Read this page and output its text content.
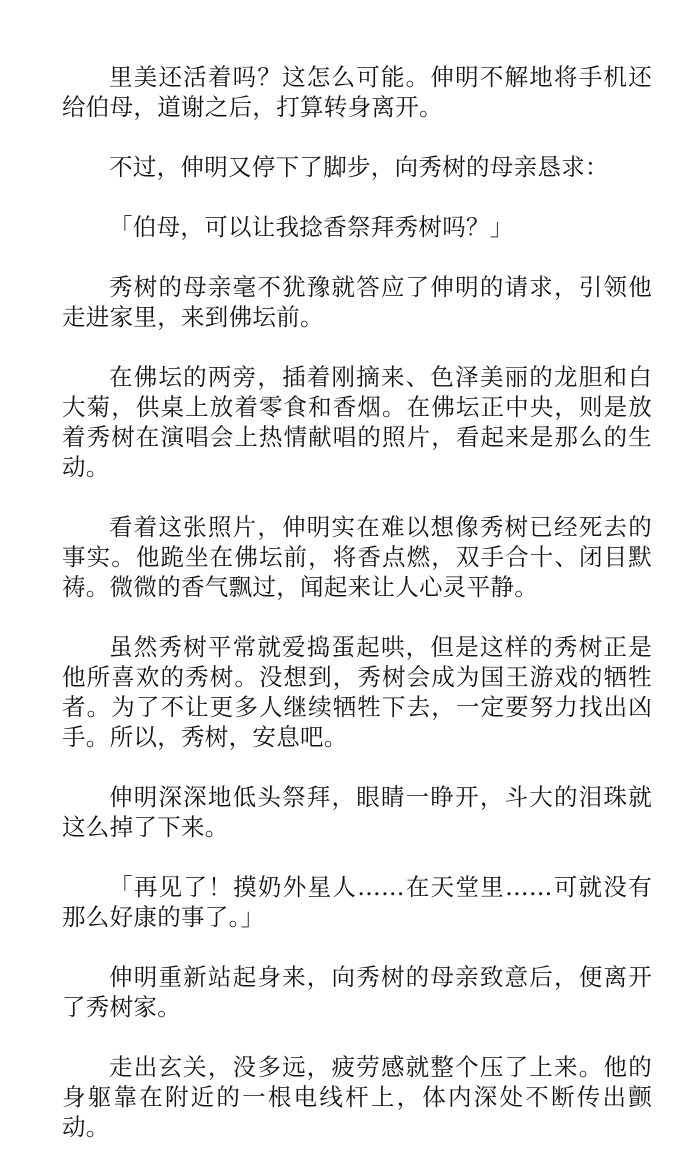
里美还活着吗？这怎么可能。伸明不解地将手机还给伯母，道谢之后，打算转身离开。

不过，伸明又停下了脚步，向秀树的母亲恳求：

「伯母，可以让我捻香祭拜秀树吗？」

秀树的母亲毫不犹豫就答应了伸明的请求，引领他走进家里，来到佛坛前。

在佛坛的两旁，插着刚摘来、色泽美丽的龙胆和白大菊，供桌上放着零食和香烟。在佛坛正中央，则是放着秀树在演唱会上热情献唱的照片，看起来是那么的生动。

看着这张照片，伸明实在难以想像秀树已经死去的事实。他跪坐在佛坛前，将香点燃，双手合十、闭目默祷。微微的香气飘过，闻起来让人心灵平静。

虽然秀树平常就爱捣蛋起哄，但是这样的秀树正是他所喜欢的秀树。没想到，秀树会成为国王游戏的牺牲者。为了不让更多人继续牺牲下去，一定要努力找出凶手。所以，秀树，安息吧。

伸明深深地低头祭拜，眼睛一睁开，斗大的泪珠就这么掉了下来。

「再见了！摸奶外星人……在天堂里……可就没有那么好康的事了。」

伸明重新站起身来，向秀树的母亲致意后，便离开了秀树家。

走出玄关，没多远，疲劳感就整个压了上来。他的身躯靠在附近的一根电线杆上，体内深处不断传出颤动。
